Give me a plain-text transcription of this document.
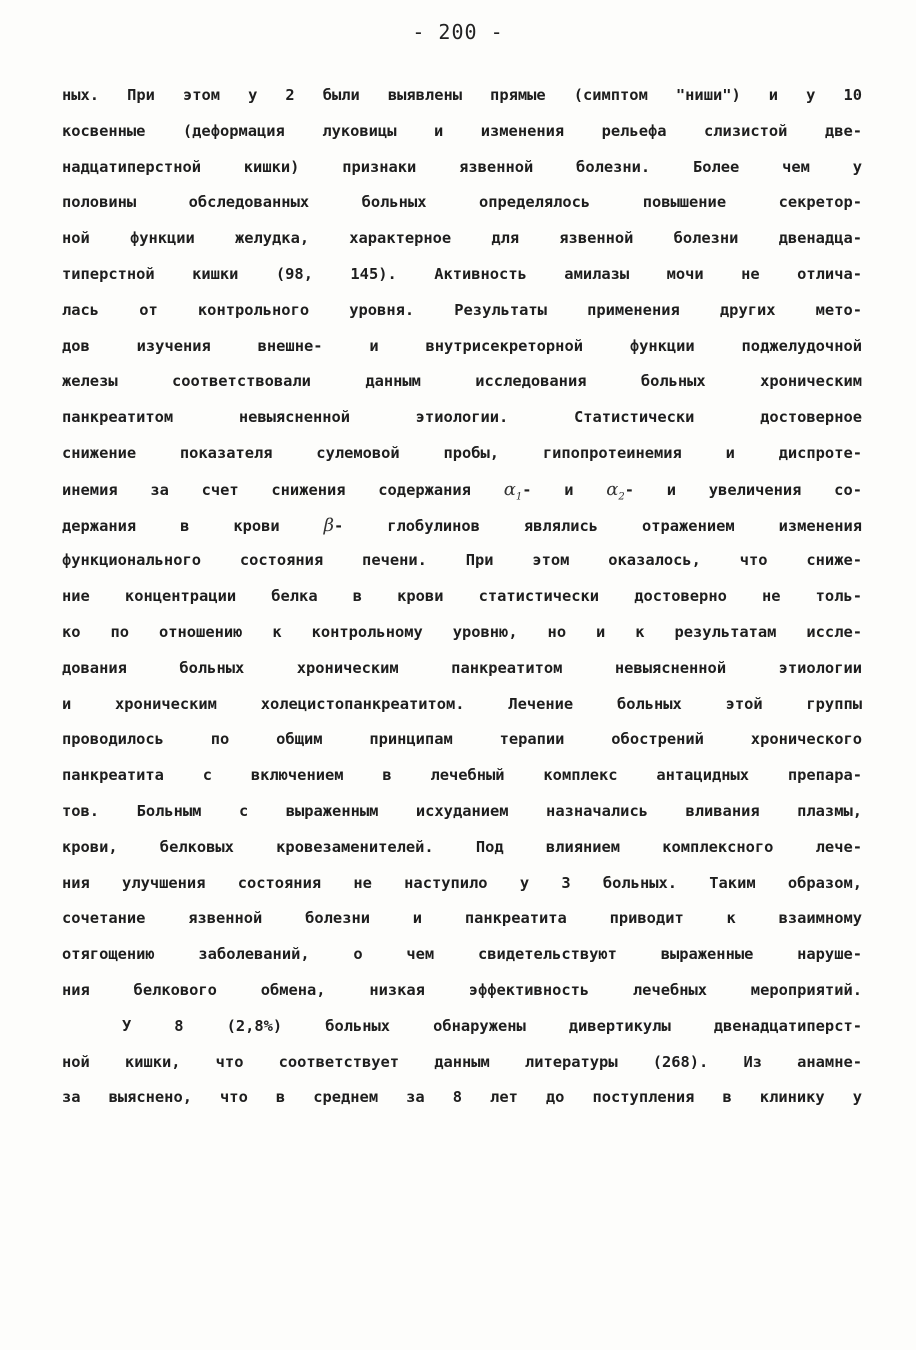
- 200 -
ных. При этом у 2 были выявлены прямые (симптом "ниши") и у 10
косвенные (деформация луковицы и изменения рельефа слизистой две-
надцатиперстной кишки) признаки язвенной болезни. Более чем у
половины обследованных больных определялось повышение секретор-
ной функции желудка, характерное для язвенной болезни двенадца-
типерстной кишки (98, 145). Активность амилазы мочи не отлича-
лась от контрольного уровня. Результаты применения других мето-
дов изучения внешне- и внутрисекреторной функции поджелудочной
железы соответствовали данным исследования больных хроническим
панкреатитом невыясненной этиологии. Статистически достоверное
снижение показателя сулемовой пробы, гипопротеинемия и диспроте-
инемия за счет снижения содержания $\alpha_1-$ и $\alpha_2-$ и увеличения со-
держания в крови β- глобулинов являлись отражением изменения
функционального состояния печени. При этом оказалось, что сниже-
ние концентрации белка в крови статистически достоверно не толь-
ко по отношению к контрольному уровню, но и к результатам иссле-
дования больных хроническим панкреатитом невыясненной этиологии
и хроническим холецистопанкреатитом. Лечение больных этой группы
проводилось по общим принципам терапии обострений хронического
панкреатита с включением в лечебный комплекс антацидных препара-
тов. Больным с выраженным исхуданием назначались вливания плазмы,
крови, белковых кровезаменителей. Под влиянием комплексного лече-
ния улучшения состояния не наступило у 3 больных. Таким образом,
сочетание язвенной болезни и панкреатита приводит к взаимному
отягощению заболеваний, о чем свидетельствуют выраженные наруше-
ния белкового обмена, низкая эффективность лечебных мероприятий.
У 8 (2,8%) больных обнаружены дивертикулы двенадцатиперст-
ной кишки, что соответствует данным литературы (268). Из анамне-
за выяснено, что в среднем за 8 лет до поступления в клинику у
